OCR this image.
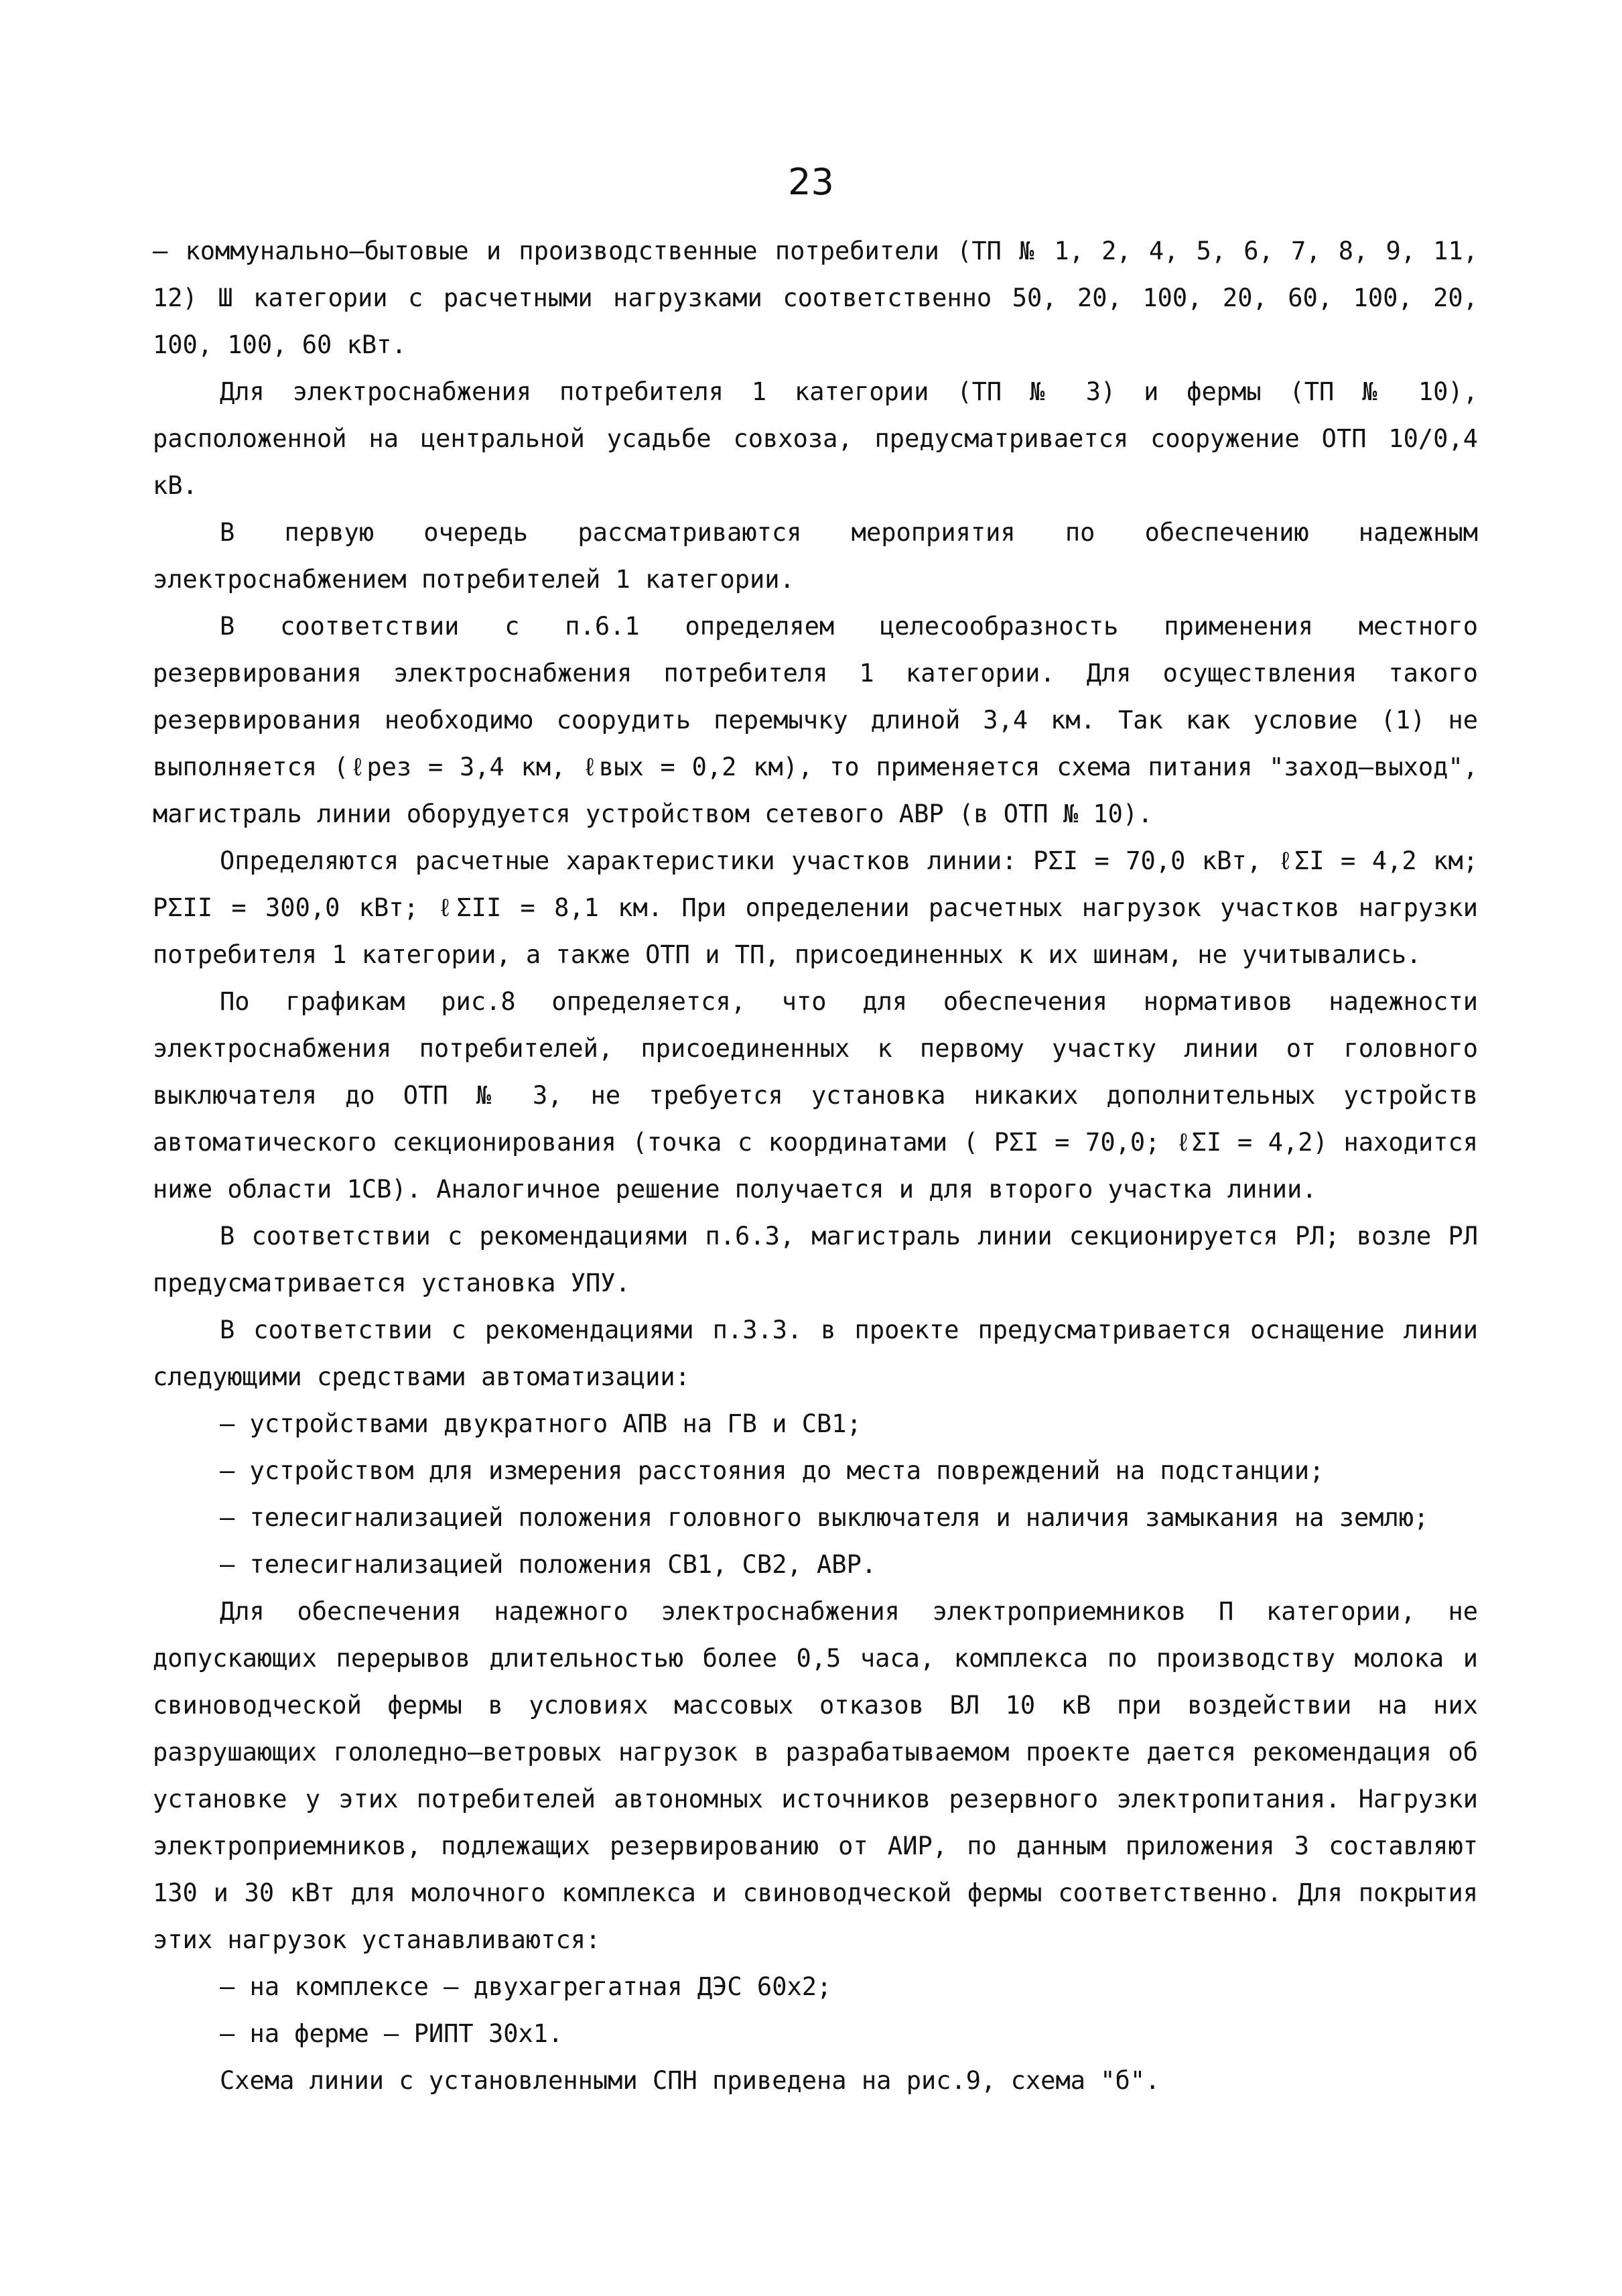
23

– коммунально–бытовые и производственные потребители (ТП № 1, 2, 4, 5, 6, 7, 8, 9, 11, 12) Ш категории с расчетными нагрузками соответственно 50, 20, 100, 20, 60, 100, 20, 100, 100, 60 кВт.

Для электроснабжения потребителя 1 категории (ТП № 3) и фермы (ТП № 10), расположенной на центральной усадьбе совхоза, предусматривается сооружение ОТП 10/0,4 кВ.

В первую очередь рассматриваются мероприятия по обеспечению надежным электроснабжением потребителей 1 категории.

В соответствии с п.6.1 определяем целесообразность применения местного резервирования электроснабжения потребителя 1 категории. Для осуществления такого резервирования необходимо соорудить перемычку длиной 3,4 км. Так как условие (1) не выполняется (ℓрез = 3,4 км, ℓвых = 0,2 км), то применяется схема питания "заход–выход", магистраль линии оборудуется устройством сетевого АВР (в ОТП № 10).

Определяются расчетные характеристики участков линии: PΣI = 70,0 кВт, ℓΣI = 4,2 км; PΣII = 300,0 кВт; ℓΣII = 8,1 км. При определении расчетных нагрузок участков нагрузки потребителя 1 категории, а также ОТП и ТП, присоединенных к их шинам, не учитывались.

По графикам рис.8 определяется, что для обеспечения нормативов надежности электроснабжения потребителей, присоединенных к первому участку линии от головного выключателя до ОТП № 3, не требуется установка никаких дополнительных устройств автоматического секционирования (точка с координатами ( PΣI = 70,0; ℓΣI = 4,2) находится ниже области 1СВ). Аналогичное решение получается и для второго участка линии.

В соответствии с рекомендациями п.6.3, магистраль линии секционируется РЛ; возле РЛ предусматривается установка УПУ.

В соответствии с рекомендациями п.3.3. в проекте предусматривается оснащение линии следующими средствами автоматизации:

– устройствами двукратного АПВ на ГВ и СВ1;

– устройством для измерения расстояния до места повреждений на подстанции;

– телесигнализацией положения головного выключателя и наличия замыкания на землю;

– телесигнализацией положения СВ1, СВ2, АВР.

Для обеспечения надежного электроснабжения электроприемников П категории, не допускающих перерывов длительностью более 0,5 часа, комплекса по производству молока и свиноводческой фермы в условиях массовых отказов ВЛ 10 кВ при воздействии на них разрушающих гололедно–ветровых нагрузок в разрабатываемом проекте дается рекомендация об установке у этих потребителей автономных источников резервного электропитания. Нагрузки электроприемников, подлежащих резервированию от АИР, по данным приложения 3 составляют 130 и 30 кВт для молочного комплекса и свиноводческой фермы соответственно. Для покрытия этих нагрузок устанавливаются:

– на комплексе – двухагрегатная ДЭС 60х2;

– на ферме – РИПТ 30х1.

Схема линии с установленными СПН приведена на рис.9, схема "б".
